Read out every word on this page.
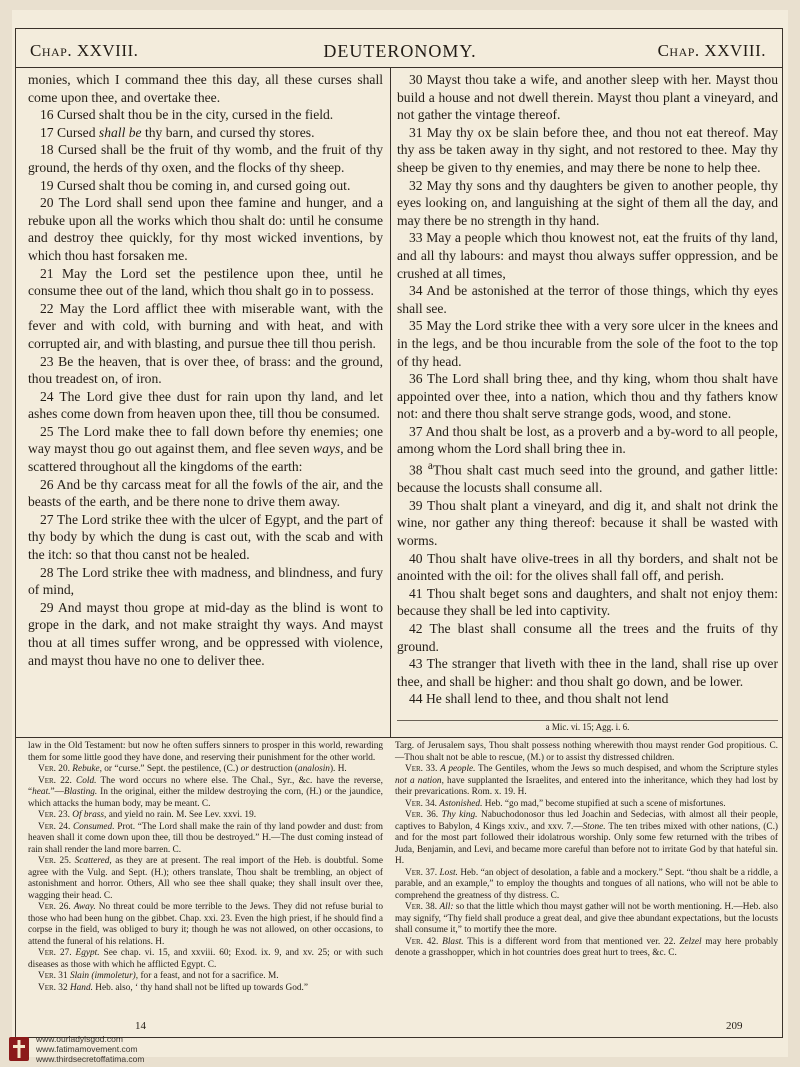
DEUTERONOMY.
Chap. XXVIII.	Chap. XXVIII.

monies, which I command thee this day, all these curses shall come upon thee, and overtake thee.

16 Cursed shalt thou be in the city, cursed in the field.

17 Cursed shall be thy barn, and cursed thy stores.

18 Cursed shall be the fruit of thy womb, and the fruit of thy ground, the herds of thy oxen, and the flocks of thy sheep.

19 Cursed shalt thou be coming in, and cursed going out.

20 The Lord shall send upon thee famine and hunger, and a rebuke upon all the works which thou shalt do: until he consume and destroy thee quickly, for thy most wicked inventions, by which thou hast forsaken me.

21 May the Lord set the pestilence upon thee, until he consume thee out of the land, which thou shalt go in to possess.

22 May the Lord afflict thee with miserable want, with the fever and with cold, with burning and with heat, and with corrupted air, and with blasting, and pursue thee till thou perish.

23 Be the heaven, that is over thee, of brass: and the ground, thou treadest on, of iron.

24 The Lord give thee dust for rain upon thy land, and let ashes come down from heaven upon thee, till thou be consumed.

25 The Lord make thee to fall down before thy enemies; one way mayst thou go out against them, and flee seven ways, and be scattered throughout all the kingdoms of the earth:

26 And be thy carcass meat for all the fowls of the air, and the beasts of the earth, and be there none to drive them away.

27 The Lord strike thee with the ulcer of Egypt, and the part of thy body by which the dung is cast out, with the scab and with the itch: so that thou canst not be healed.

28 The Lord strike thee with madness, and blindness, and fury of mind,

29 And mayst thou grope at mid-day as the blind is wont to grope in the dark, and not make straight thy ways. And mayst thou at all times suffer wrong, and be oppressed with violence, and mayst thou have no one to deliver thee.

30 Mayst thou take a wife, and another sleep with her. Mayst thou build a house and not dwell therein. Mayst thou plant a vineyard, and not gather the vintage thereof.

31 May thy ox be slain before thee, and thou not eat thereof. May thy ass be taken away in thy sight, and not restored to thee. May thy sheep be given to thy enemies, and may there be none to help thee.

32 May thy sons and thy daughters be given to another people, thy eyes looking on, and languishing at the sight of them all the day, and may there be no strength in thy hand.

33 May a people which thou knowest not, eat the fruits of thy land, and all thy labours: and mayst thou always suffer oppression, and be crushed at all times,

34 And be astonished at the terror of those things, which thy eyes shall see.

35 May the Lord strike thee with a very sore ulcer in the knees and in the legs, and be thou incurable from the sole of the foot to the top of thy head.

36 The Lord shall bring thee, and thy king, whom thou shalt have appointed over thee, into a nation, which thou and thy fathers know not: and there thou shalt serve strange gods, wood, and stone.

37 And thou shalt be lost, as a proverb and a by-word to all people, among whom the Lord shall bring thee in.

38 $^a$Thou shalt cast much seed into the ground, and gather little: because the locusts shall consume all.

39 Thou shalt plant a vineyard, and dig it, and shalt not drink the wine, nor gather any thing thereof: because it shall be wasted with worms.

40 Thou shalt have olive-trees in all thy borders, and shalt not be anointed with the oil: for the olives shall fall off, and perish.

41 Thou shalt beget sons and daughters, and shalt not enjoy them: because they shall be led into captivity.

42 The blast shall consume all the trees and the fruits of thy ground.

43 The stranger that liveth with thee in the land, shall rise up over thee, and shall be higher: and thou shalt go down, and be lower.

44 He shall lend to thee, and thou shalt not lend

a Mic. vi. 15; Agg. i. 6.

law in the Old Testament: but now he often suffers sinners to prosper in this world, rewarding them for some little good they have done, and reserving their punishment for the other world.

Ver. 20. Rebuke, or “curse.” Sept. the pestilence, (C.) or destruction (analosin). H.

Ver. 22. Cold. The word occurs no where else. The Chal., Syr., &c. have the reverse, “heat.”—Blasting. In the original, either the mildew destroying the corn, (H.) or the jaundice, which attacks the human body, may be meant. C.

Ver. 23. Of brass, and yield no rain. M. See Lev. xxvi. 19.

Ver. 24. Consumed. Prot. “The Lord shall make the rain of thy land powder and dust: from heaven shall it come down upon thee, till thou be destroyed.” H.—The dust coming instead of rain shall render the land more barren. C.

Ver. 25. Scattered, as they are at present. The real import of the Heb. is doubtful. Some agree with the Vulg. and Sept. (H.); others translate, Thou shalt be trembling, an object of astonishment and horror. Others, All who see thee shall quake; they shall insult over thee, wagging their head. C.

Ver. 26. Away. No threat could be more terrible to the Jews. They did not refuse burial to those who had been hung on the gibbet. Chap. xxi. 23. Even the high priest, if he should find a corpse in the field, was obliged to bury it; though he was not allowed, on other occasions, to attend the funeral of his relations. H.

Ver. 27. Egypt. See chap. vi. 15, and xxviii. 60; Exod. ix. 9, and xv. 25; or with such diseases as those with which he afflicted Egypt. C.

Ver. 31 Slain (immoletur), for a feast, and not for a sacrifice. M.

Ver. 32 Hand. Heb. also, ‘ thy hand shall not be lifted up towards God.”

Targ. of Jerusalem says, Thou shalt possess nothing wherewith thou mayst render God propitious. C.—Thou shalt not be able to rescue, (M.) or to assist thy distressed children.

Ver. 33. A people. The Gentiles, whom the Jews so much despised, and whom the Scripture styles not a nation, have supplanted the Israelites, and entered into the inheritance, which they had lost by their prevarications. Rom. x. 19. H.

Ver. 34. Astonished. Heb. “go mad,” become stupified at such a scene of misfortunes.

Ver. 36. Thy king. Nabuchodonosor thus led Joachin and Sedecias, with almost all their people, captives to Babylon, 4 Kings xxiv., and xxv. 7.—Stone. The ten tribes mixed with other nations, (C.) and for the most part followed their idolatrous worship. Only some few returned with the tribes of Juda, Benjamin, and Levi, and became more careful than before not to irritate God by that hateful sin. H.

Ver. 37. Lost. Heb. “an object of desolation, a fable and a mockery.” Sept. “thou shalt be a riddle, a parable, and an example,” to employ the thoughts and tongues of all nations, who will not be able to comprehend the greatness of thy distress. C.

Ver. 38. All: so that the little which thou mayst gather will not be worth mentioning. H.—Heb. also may signify, “Thy field shall produce a great deal, and give thee abundant expectations, but the locusts shall consume it,” to mortify thee the more.

Ver. 42. Blast. This is a different word from that mentioned ver. 22. Zelzel may here probably denote a grasshopper, which in hot countries does great hurt to trees, &c. C.

14	209
www.ourladyisgod.com
www.fatimamovement.com
www.thirdsecretoffatima.com
